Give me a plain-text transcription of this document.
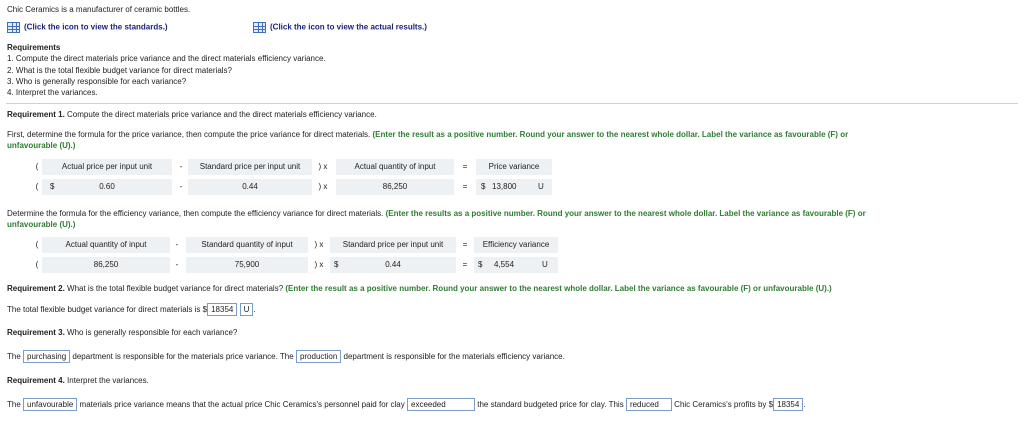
Chic Ceramics is a manufacturer of ceramic bottles.
(Click the icon to view the standards.)	(Click the icon to view the actual results.)
Requirements
1. Compute the direct materials price variance and the direct materials efficiency variance.
2. What is the total flexible budget variance for direct materials?
3. Who is generally responsible for each variance?
4. Interpret the variances.
Requirement 1. Compute the direct materials price variance and the direct materials efficiency variance.
First, determine the formula for the price variance, then compute the price variance for direct materials. (Enter the result as a positive number. Round your answer to the nearest whole dollar. Label the variance as favourable (F) or
unfavourable (U).)
(	Actual price per input unit	-	Standard price per input unit	) x	Actual quantity of input	=	Price variance
(	$	0.60	-	0.44	) x	86,250	=	$ 13,800	U
Determine the formula for the efficiency variance, then compute the efficiency variance for direct materials. (Enter the results as a positive number. Round your answer to the nearest whole dollar. Label the variance as favourable (F) or
unfavourable (U).)
(	Actual quantity of input	-	Standard quantity of input	) x	Standard price per input unit	=	Efficiency variance
(	86,250	-	75,900	) x	$	0.44	=	$ 4,554	U
Requirement 2. What is the total flexible budget variance for direct materials? (Enter the result as a positive number. Round your answer to the nearest whole dollar. Label the variance as favourable (F) or unfavourable (U).)
The total flexible budget variance for direct materials is $ 18354 U .
Requirement 3. Who is generally responsible for each variance?
The purchasing department is responsible for the materials price variance. The production department is responsible for the materials efficiency variance.
Requirement 4. Interpret the variances.
The unfavourable materials price variance means that the actual price Chic Ceramics's personnel paid for clay exceeded	the standard budgeted price for clay. This reduced Chic Ceramics's profits by $ 18354 .
